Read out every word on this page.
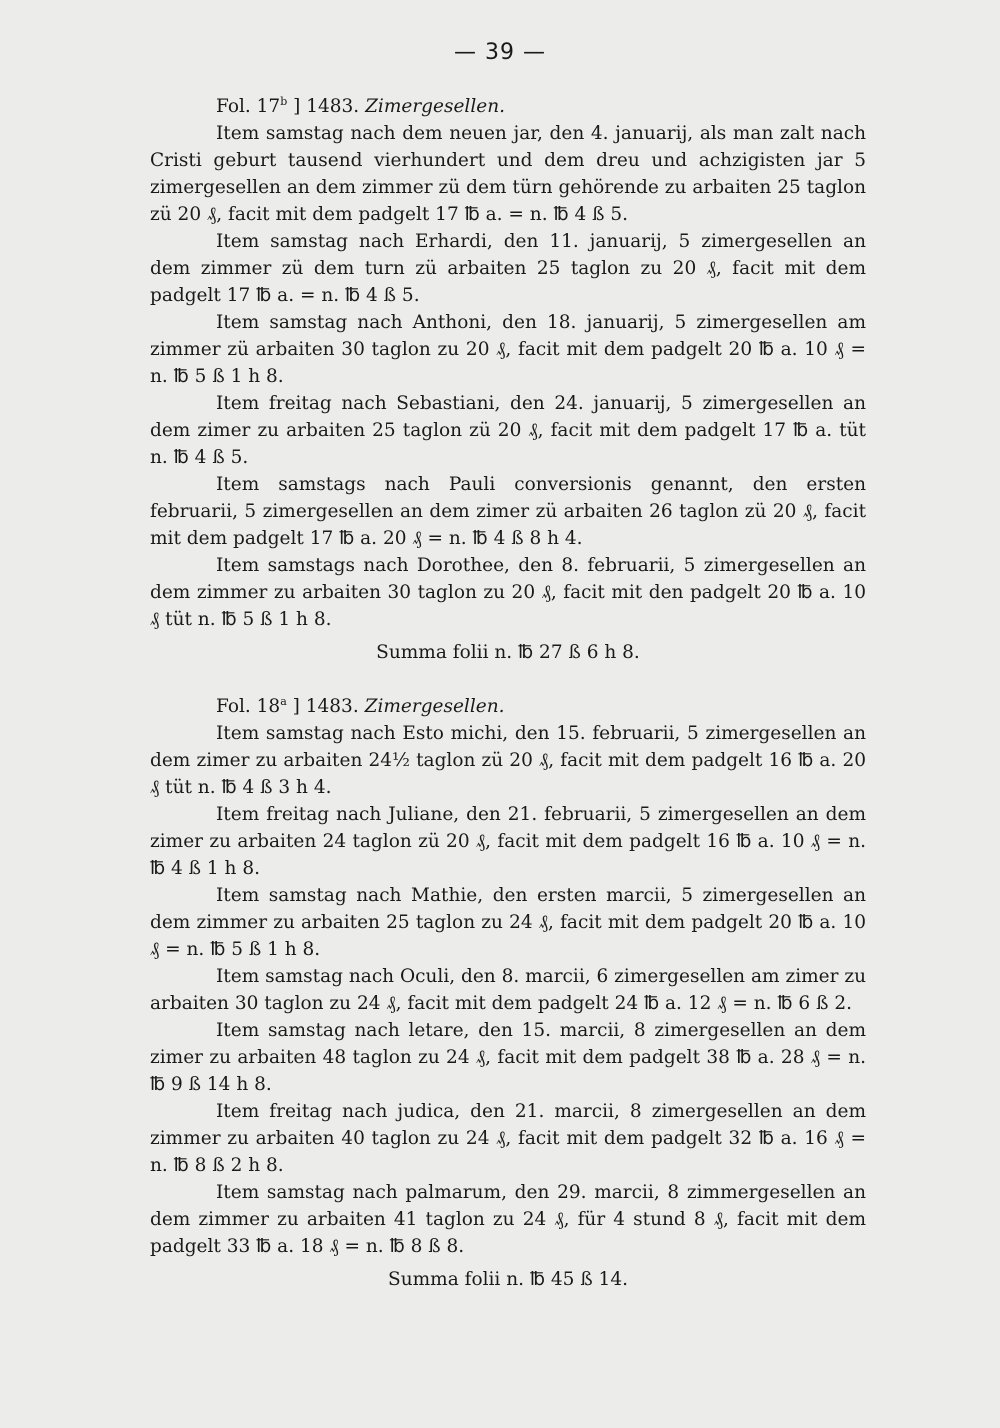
— 39 —
Fol. 17$^b$ ] 1483. Zimergesellen.
Item samstag nach dem neuen jar, den 4. januarij, als man zalt nach Cristi geburt tausend vierhundert und dem dreu und achzigisten jar 5 zimergesellen an dem zimmer zü dem türn gehörende zu arbaiten 25 taglon zü 20 ₰, facit mit dem padgelt 17 ℔ a. = n. ℔ 4 ß 5.
Item samstag nach Erhardi, den 11. januarij, 5 zimergesellen an dem zimmer zü dem turn zü arbaiten 25 taglon zu 20 ₰, facit mit dem padgelt 17 ℔ a. = n. ℔ 4 ß 5.
Item samstag nach Anthoni, den 18. januarij, 5 zimergesellen am zimmer zü arbaiten 30 taglon zu 20 ₰, facit mit dem padgelt 20 ℔ a. 10 ₰ = n. ℔ 5 ß 1 h 8.
Item freitag nach Sebastiani, den 24. januarij, 5 zimergesellen an dem zimer zu arbaiten 25 taglon zü 20 ₰, facit mit dem padgelt 17 ℔ a. tüt n. ℔ 4 ß 5.
Item samstags nach Pauli conversionis genannt, den ersten februarii, 5 zimergesellen an dem zimer zü arbaiten 26 taglon zü 20 ₰, facit mit dem padgelt 17 ℔ a. 20 ₰ = n. ℔ 4 ß 8 h 4.
Item samstags nach Dorothee, den 8. februarii, 5 zimergesellen an dem zimmer zu arbaiten 30 taglon zu 20 ₰, facit mit den padgelt 20 ℔ a. 10 ₰ tüt n. ℔ 5 ß 1 h 8.
Summa folii n. ℔ 27 ß 6 h 8.
Fol. 18$^a$ ] 1483. Zimergesellen.
Item samstag nach Esto michi, den 15. februarii, 5 zimergesellen an dem zimer zu arbaiten 24½ taglon zü 20 ₰, facit mit dem padgelt 16 ℔ a. 20 ₰ tüt n. ℔ 4 ß 3 h 4.
Item freitag nach Juliane, den 21. februarii, 5 zimergesellen an dem zimer zu arbaiten 24 taglon zü 20 ₰, facit mit dem padgelt 16 ℔ a. 10 ₰ = n. ℔ 4 ß 1 h 8.
Item samstag nach Mathie, den ersten marcii, 5 zimergesellen an dem zimmer zu arbaiten 25 taglon zu 24 ₰, facit mit dem padgelt 20 ℔ a. 10 ₰ = n. ℔ 5 ß 1 h 8.
Item samstag nach Oculi, den 8. marcii, 6 zimergesellen am zimer zu arbaiten 30 taglon zu 24 ₰, facit mit dem padgelt 24 ℔ a. 12 ₰ = n. ℔ 6 ß 2.
Item samstag nach letare, den 15. marcii, 8 zimergesellen an dem zimer zu arbaiten 48 taglon zu 24 ₰, facit mit dem padgelt 38 ℔ a. 28 ₰ = n. ℔ 9 ß 14 h 8.
Item freitag nach judica, den 21. marcii, 8 zimergesellen an dem zimmer zu arbaiten 40 taglon zu 24 ₰, facit mit dem padgelt 32 ℔ a. 16 ₰ = n. ℔ 8 ß 2 h 8.
Item samstag nach palmarum, den 29. marcii, 8 zimmergesellen an dem zimmer zu arbaiten 41 taglon zu 24 ₰, für 4 stund 8 ₰, facit mit dem padgelt 33 ℔ a. 18 ₰ = n. ℔ 8 ß 8.
Summa folii n. ℔ 45 ß 14.
